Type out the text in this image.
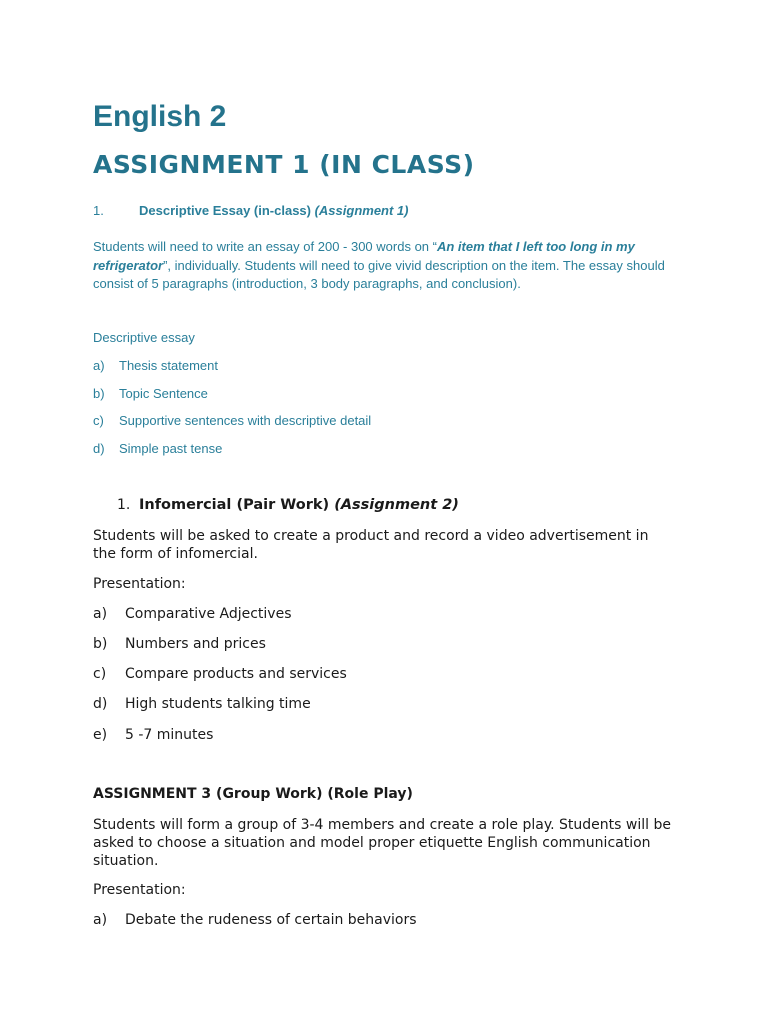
English 2
ASSIGNMENT 1 (IN CLASS)
1.	Descriptive Essay (in-class) (Assignment 1)
Students will need to write an essay of 200 - 300 words on “An item that I left too long in my refrigerator”, individually. Students will need to give vivid description on the item. The essay should consist of 5 paragraphs (introduction, 3 body paragraphs, and conclusion).
Descriptive essay
a) Thesis statement
b) Topic Sentence
c) Supportive sentences with descriptive detail
d) Simple past tense
1. Infomercial (Pair Work) (Assignment 2)
Students will be asked to create a product and record a video advertisement in the form of infomercial.
Presentation:
a) Comparative Adjectives
b) Numbers and prices
c) Compare products and services
d) High students talking time
e) 5 -7 minutes
ASSIGNMENT 3 (Group Work) (Role Play)
Students will form a group of 3-4 members and create a role play. Students will be asked to choose a situation and model proper etiquette English communication situation.
Presentation:
a) Debate the rudeness of certain behaviors
